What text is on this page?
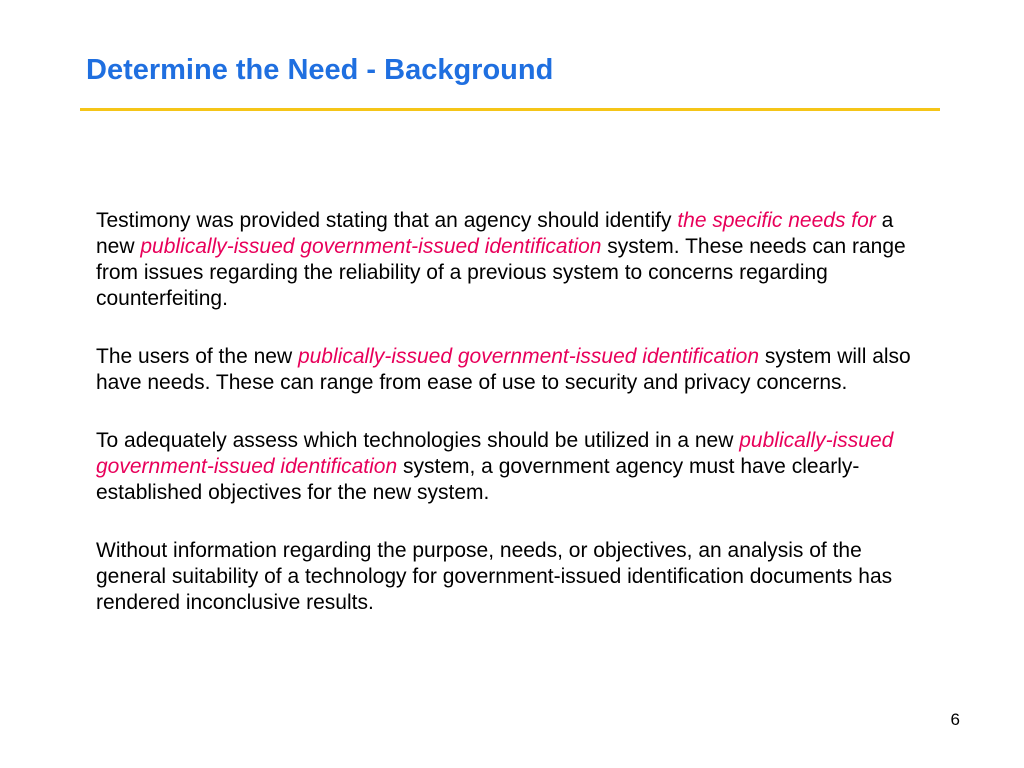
Determine the Need - Background

Testimony was provided stating that an agency should identify the specific needs for a new publically-issued government-issued identification system. These needs can range from issues regarding the reliability of a previous system to concerns regarding counterfeiting.

The users of the new publically-issued government-issued identification system will also have needs. These can range from ease of use to security and privacy concerns.

To adequately assess which technologies should be utilized in a new publically-issued government-issued identification system, a government agency must have clearly-established objectives for the new system.

Without information regarding the purpose, needs, or objectives, an analysis of the general suitability of a technology for government-issued identification documents has rendered inconclusive results.

6
